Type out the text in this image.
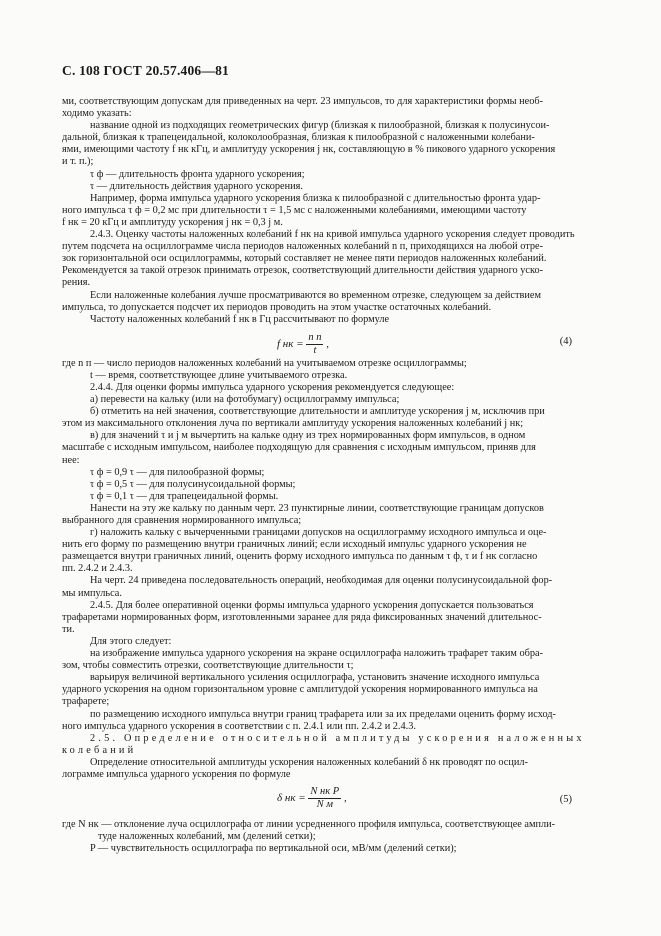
С. 108 ГОСТ 20.57.406—81

ми, соответствующим допускам для приведенных на черт. 23 импульсов, то для характеристики формы необ-

ходимо указать:

название одной из подходящих геометрических фигур (близкая к пилообразной, близкая к полусинусои-

дальной, близкая к трапецеидальной, колоколообразная, близкая к пилообразной с наложенными колебани-

ями, имеющими частоту f нк кГц, и амплитуду ускорения j нк, составляющую в % пикового ударного ускорения

и т. п.);

τ ф — длительность фронта ударного ускорения;

τ — длительность действия ударного ускорения.

Например, форма импульса ударного ускорения близка к пилообразной с длительностью фронта удар-

ного импульса τ ф = 0,2 мс при длительности τ = 1,5 мс с наложенными колебаниями, имеющими частоту

f нк = 20 кГц и амплитуду ускорения j нк = 0,3 j м.

2.4.3. Оценку частоты наложенных колебаний f нк на кривой импульса ударного ускорения следует проводить

путем подсчета на осциллограмме числа периодов наложенных колебаний n п, приходящихся на любой отре-

зок горизонтальной оси осциллограммы, который составляет не менее пяти периодов наложенных колебаний.

Рекомендуется за такой отрезок принимать отрезок, соответствующий длительности действия ударного уско-

рения.

Если наложенные колебания лучше просматриваются во временном отрезке, следующем за действием

импульса, то допускается подсчет их периодов проводить на этом участке остаточных колебаний.

Частоту наложенных колебаний f нк в Гц рассчитывают по формуле

f нк = $\frac{\text{n п}}{t}$ ,	(4)

где n п — число периодов наложенных колебаний на учитываемом отрезке осциллограммы;

t — время, соответствующее длине учитываемого отрезка.

2.4.4. Для оценки формы импульса ударного ускорения рекомендуется следующее:

а) перевести на кальку (или на фотобумагу) осциллограмму импульса;

б) отметить на ней значения, соответствующие длительности и амплитуде ускорения j м, исключив при

этом из максимального отклонения луча по вертикали амплитуду ускорения наложенных колебаний j нк;

в) для значений τ и j м вычертить на кальке одну из трех нормированных форм импульсов, в одном

масштабе с исходным импульсом, наиболее подходящую для сравнения с исходным импульсом, приняв для

нее:

τ ф = 0,9 τ — для пилообразной формы;

τ ф = 0,5 τ — для полусинусоидальной формы;

τ ф = 0,1 τ — для трапецеидальной формы.

Нанести на эту же кальку по данным черт. 23 пунктирные линии, соответствующие границам допусков

выбранного для сравнения нормированного импульса;

г) наложить кальку с вычерченными границами допусков на осциллограмму исходного импульса и оце-

нить его форму по размещению внутри граничных линий; если исходный импульс ударного ускорения не

размещается внутри граничных линий, оценить форму исходного импульса по данным τ ф, τ и f нк согласно

пп. 2.4.2 и 2.4.3.

На черт. 24 приведена последовательность операций, необходимая для оценки полусинусоидальной фор-

мы импульса.

2.4.5. Для более оперативной оценки формы импульса ударного ускорения допускается пользоваться

трафаретами нормированных форм, изготовленными заранее для ряда фиксированных значений длительнос-

ти.

Для этого следует:

на изображение импульса ударного ускорения на экране осциллографа наложить трафарет таким обра-

зом, чтобы совместить отрезки, соответствующие длительности τ;

варьируя величиной вертикального усиления осциллографа, установить значение исходного импульса

ударного ускорения на одном горизонтальном уровне с амплитудой ускорения нормированного импульса на

трафарете;

по размещению исходного импульса внутри границ трафарета или за их пределами оценить форму исход-

ного импульса ударного ускорения в соответствии с п. 2.4.1 или пп. 2.4.2 и 2.4.3.

2.5. Определение относительной амплитуды ускорения наложенных

колебаний

Определение относительной амплитуды ускорения наложенных колебаний δ нк проводят по осцил-

лограмме импульса ударного ускорения по формуле

δ нк = $\frac{\text{N нк P}}{\text{N м}}$ ,	(5)

где N нк — отклонение луча осциллографа от линии усредненного профиля импульса, соответствующее ампли-

туде наложенных колебаний, мм (делений сетки);

P — чувствительность осциллографа по вертикальной оси, мВ/мм (делений сетки);
